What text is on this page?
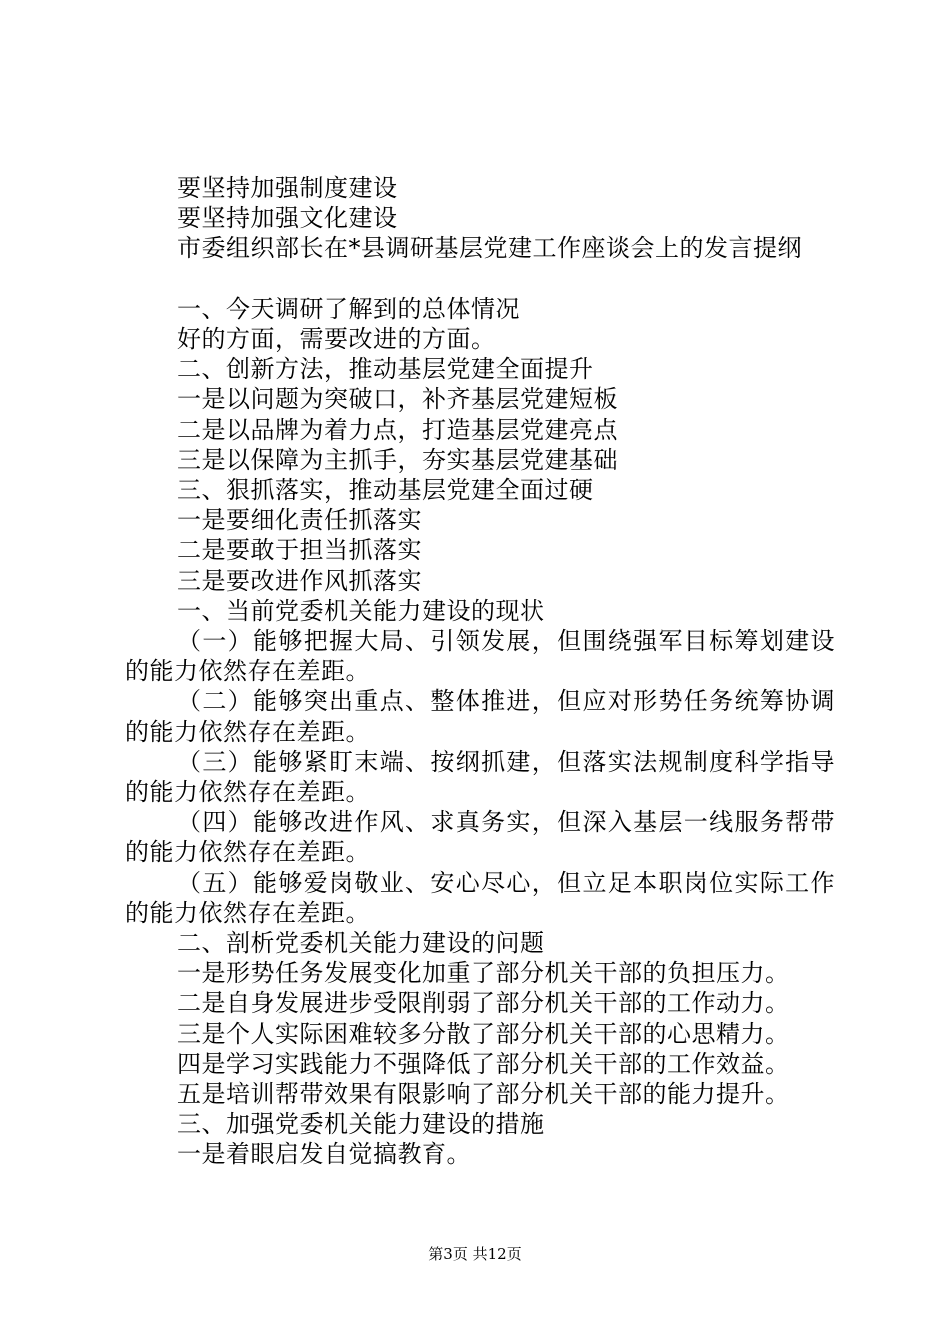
要坚持加强制度建设

要坚持加强文化建设

市委组织部长在*县调研基层党建工作座谈会上的发言提纲

一、今天调研了解到的总体情况

好的方面，需要改进的方面。

二、创新方法，推动基层党建全面提升

一是以问题为突破口，补齐基层党建短板

二是以品牌为着力点，打造基层党建亮点

三是以保障为主抓手，夯实基层党建基础

三、狠抓落实，推动基层党建全面过硬

一是要细化责任抓落实

二是要敢于担当抓落实

三是要改进作风抓落实

一、当前党委机关能力建设的现状

（一）能够把握大局、引领发展，但围绕强军目标筹划建设的能力依然存在差距。

（二）能够突出重点、整体推进，但应对形势任务统筹协调的能力依然存在差距。

（三）能够紧盯末端、按纲抓建，但落实法规制度科学指导的能力依然存在差距。

（四）能够改进作风、求真务实，但深入基层一线服务帮带的能力依然存在差距。

（五）能够爱岗敬业、安心尽心，但立足本职岗位实际工作的能力依然存在差距。

二、剖析党委机关能力建设的问题

一是形势任务发展变化加重了部分机关干部的负担压力。

二是自身发展进步受限削弱了部分机关干部的工作动力。

三是个人实际困难较多分散了部分机关干部的心思精力。

四是学习实践能力不强降低了部分机关干部的工作效益。

五是培训帮带效果有限影响了部分机关干部的能力提升。

三、加强党委机关能力建设的措施

一是着眼启发自觉搞教育。

第3页 共12页
